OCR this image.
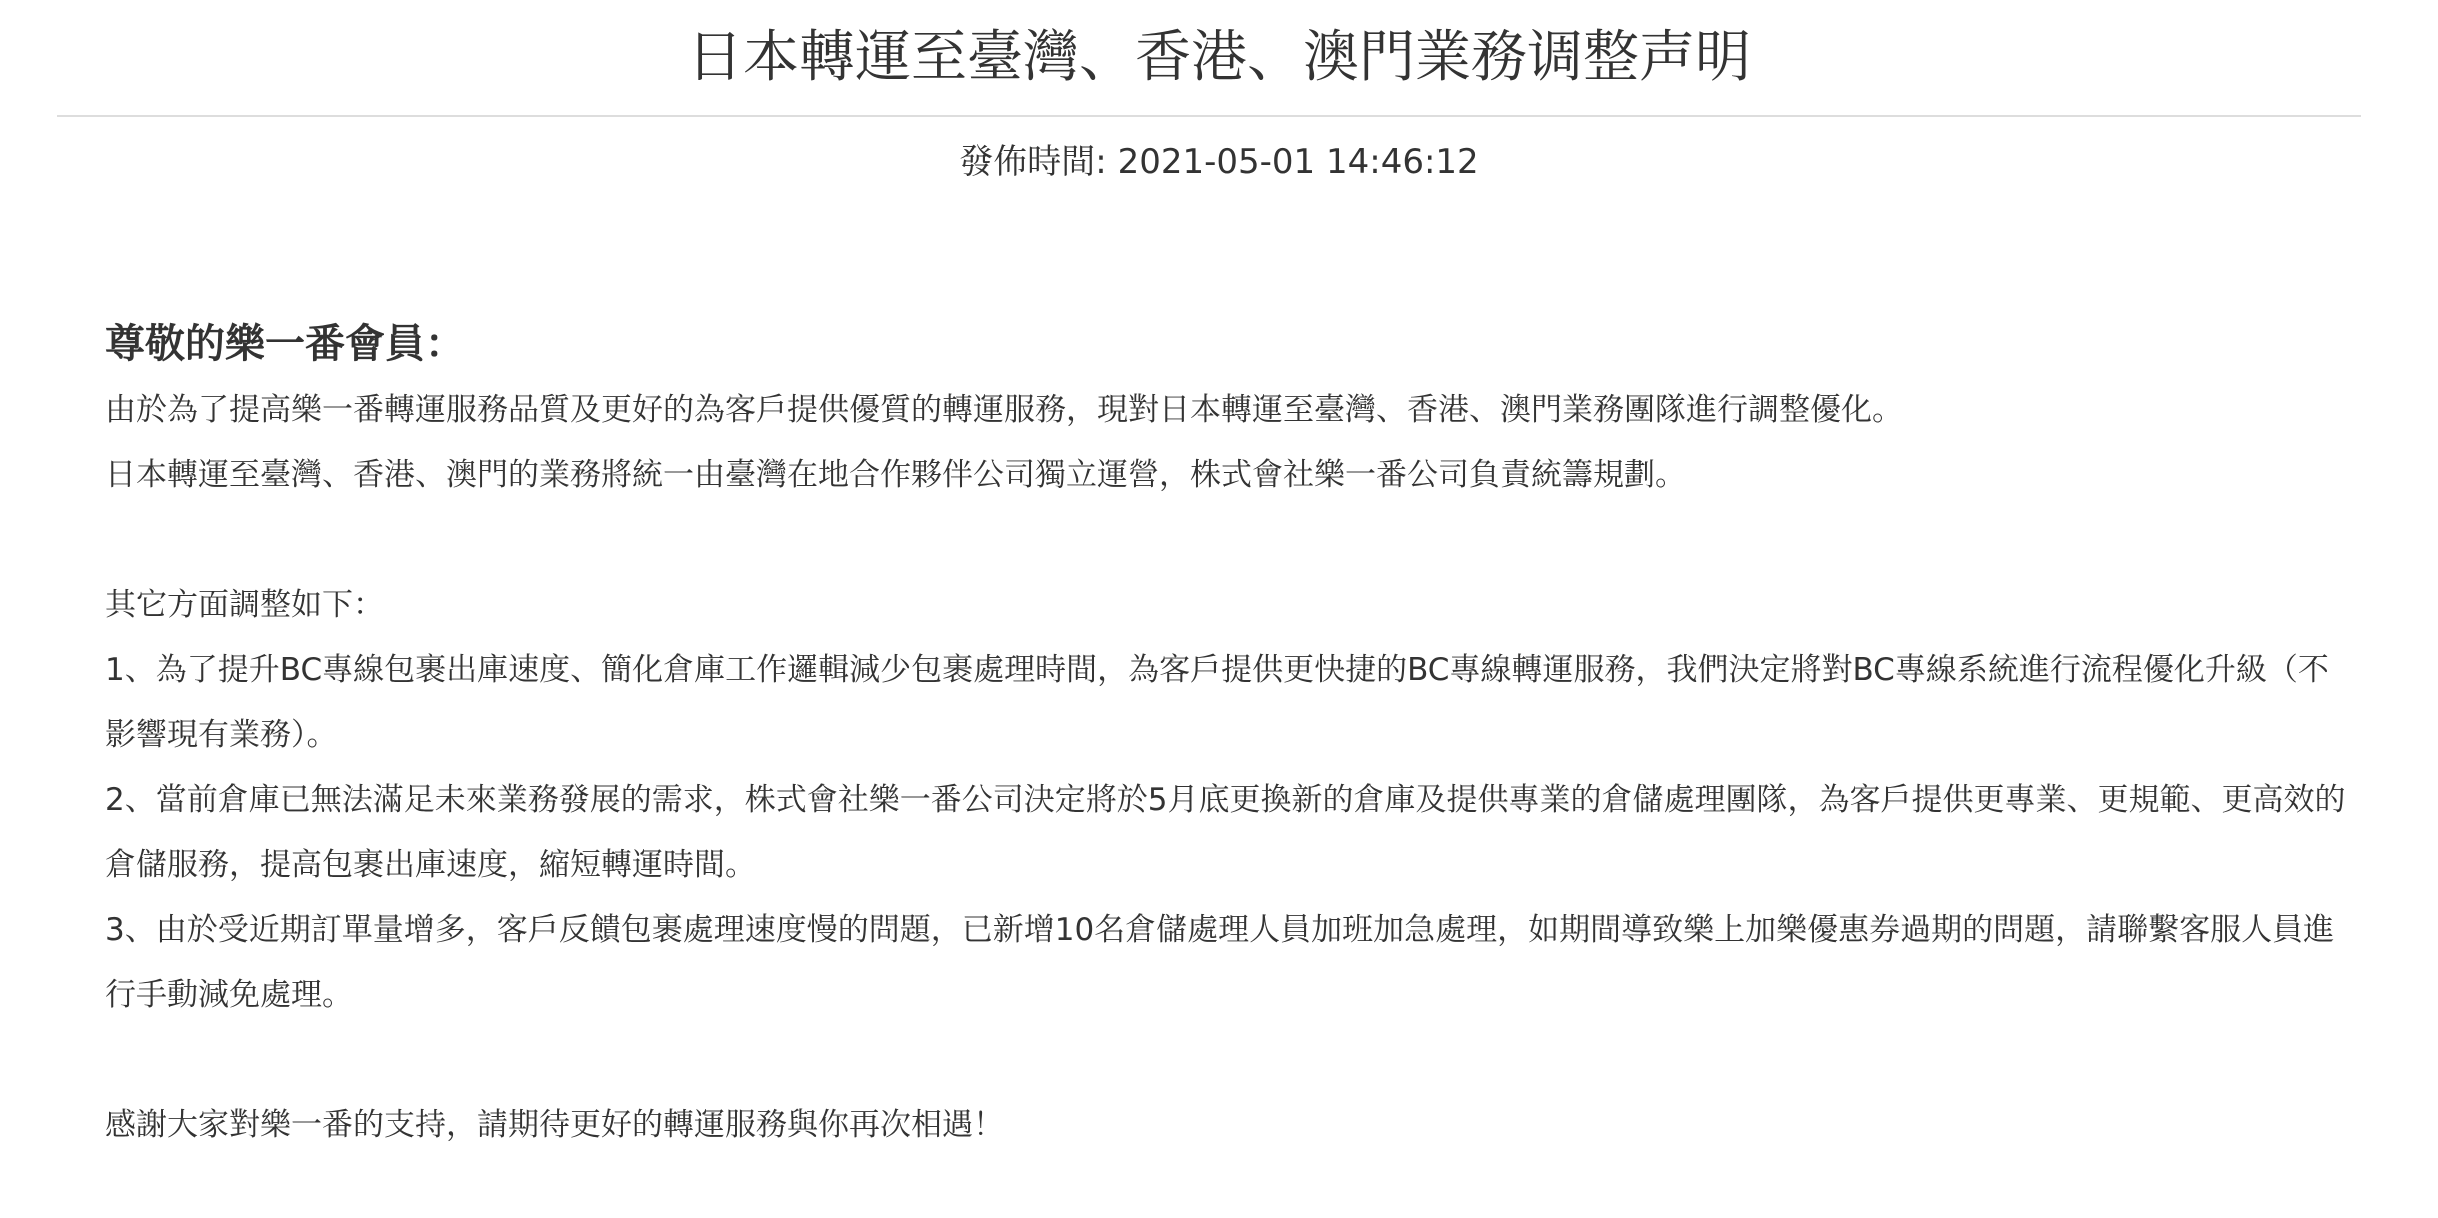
日本轉運至臺灣、香港、澳門業務调整声明
發佈時間: 2021-05-01 14:46:12

尊敬的樂一番會員：

由於為了提高樂一番轉運服務品質及更好的為客戶提供優質的轉運服務，現對日本轉運至臺灣、香港、澳門業務團隊進行調整優化。

日本轉運至臺灣、香港、澳門的業務將統一由臺灣在地合作夥伴公司獨立運營，株式會社樂一番公司負責統籌規劃。

其它方面調整如下：

1、為了提升BC專線包裹出庫速度、簡化倉庫工作邏輯減少包裹處理時間，為客戶提供更快捷的BC專線轉運服務，我們決定將對BC專線系統進行流程優化升級（不影響現有業務）。

2、當前倉庫已無法滿足未來業務發展的需求，株式會社樂一番公司決定將於5月底更換新的倉庫及提供專業的倉儲處理團隊，為客戶提供更專業、更規範、更高效的倉儲服務，提高包裹出庫速度，縮短轉運時間。

3、由於受近期訂單量增多，客戶反饋包裹處理速度慢的問題，已新增10名倉儲處理人員加班加急處理，如期間導致樂上加樂優惠券過期的問題，請聯繫客服人員進行手動減免處理。

感謝大家對樂一番的支持，請期待更好的轉運服務與你再次相遇！
